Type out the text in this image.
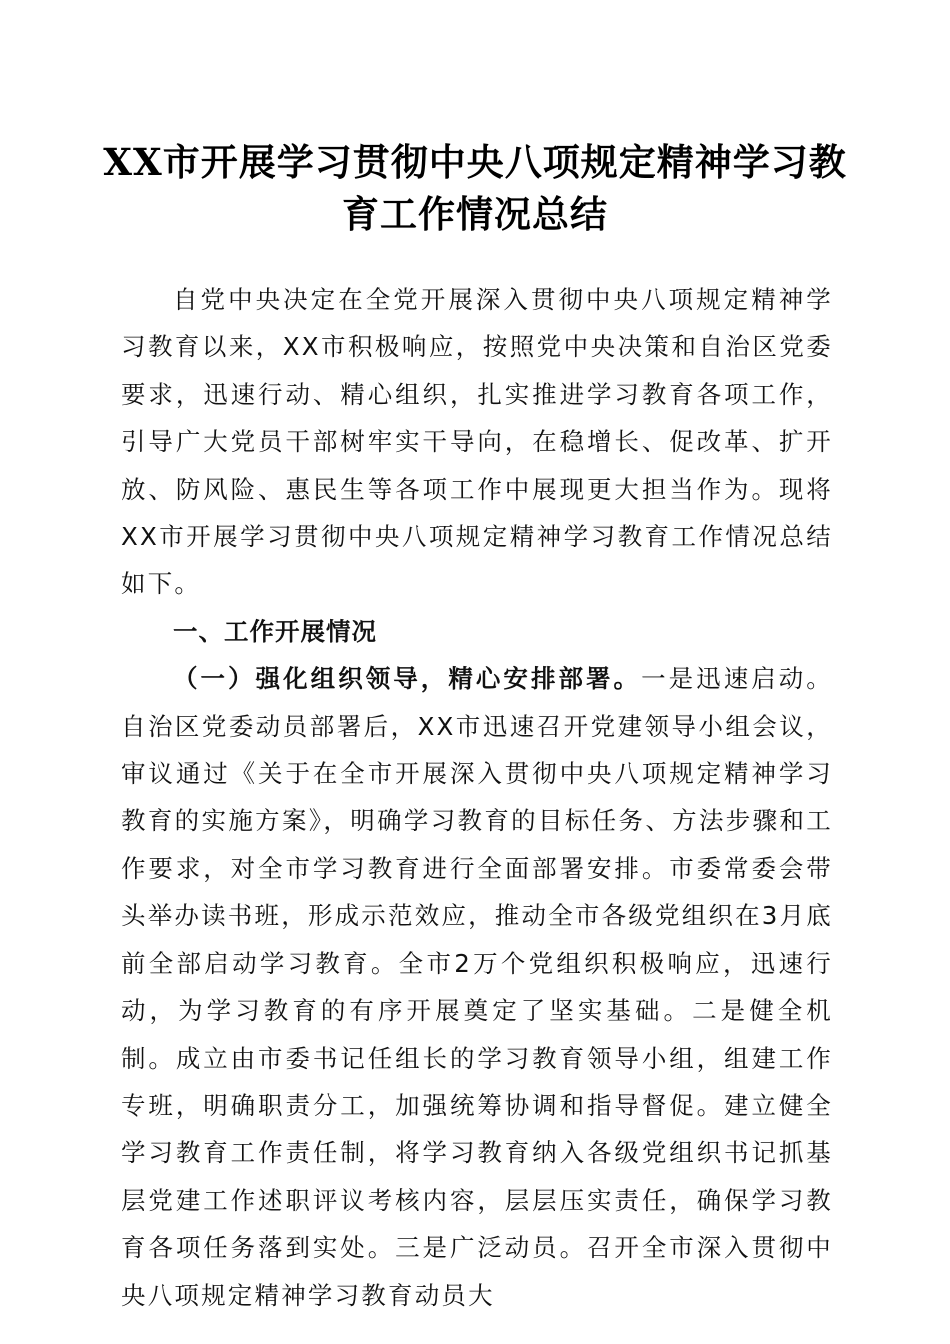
XX市开展学习贯彻中央八项规定精神学习教育工作情况总结

自党中央决定在全党开展深入贯彻中央八项规定精神学习教育以来，XX市积极响应，按照党中央决策和自治区党委要求，迅速行动、精心组织，扎实推进学习教育各项工作，引导广大党员干部树牢实干导向，在稳增长、促改革、扩开放、防风险、惠民生等各项工作中展现更大担当作为。现将XX市开展学习贯彻中央八项规定精神学习教育工作情况总结如下。

一、工作开展情况

（一）强化组织领导，精心安排部署。一是迅速启动。自治区党委动员部署后，XX市迅速召开党建领导小组会议，审议通过《关于在全市开展深入贯彻中央八项规定精神学习教育的实施方案》，明确学习教育的目标任务、方法步骤和工作要求，对全市学习教育进行全面部署安排。市委常委会带头举办读书班，形成示范效应，推动全市各级党组织在3月底前全部启动学习教育。全市2万个党组织积极响应，迅速行动，为学习教育的有序开展奠定了坚实基础。二是健全机制。成立由市委书记任组长的学习教育领导小组，组建工作专班，明确职责分工，加强统筹协调和指导督促。建立健全学习教育工作责任制，将学习教育纳入各级党组织书记抓基层党建工作述职评议考核内容，层层压实责任，确保学习教育各项任务落到实处。三是广泛动员。召开全市深入贯彻中央八项规定精神学习教育动员大
